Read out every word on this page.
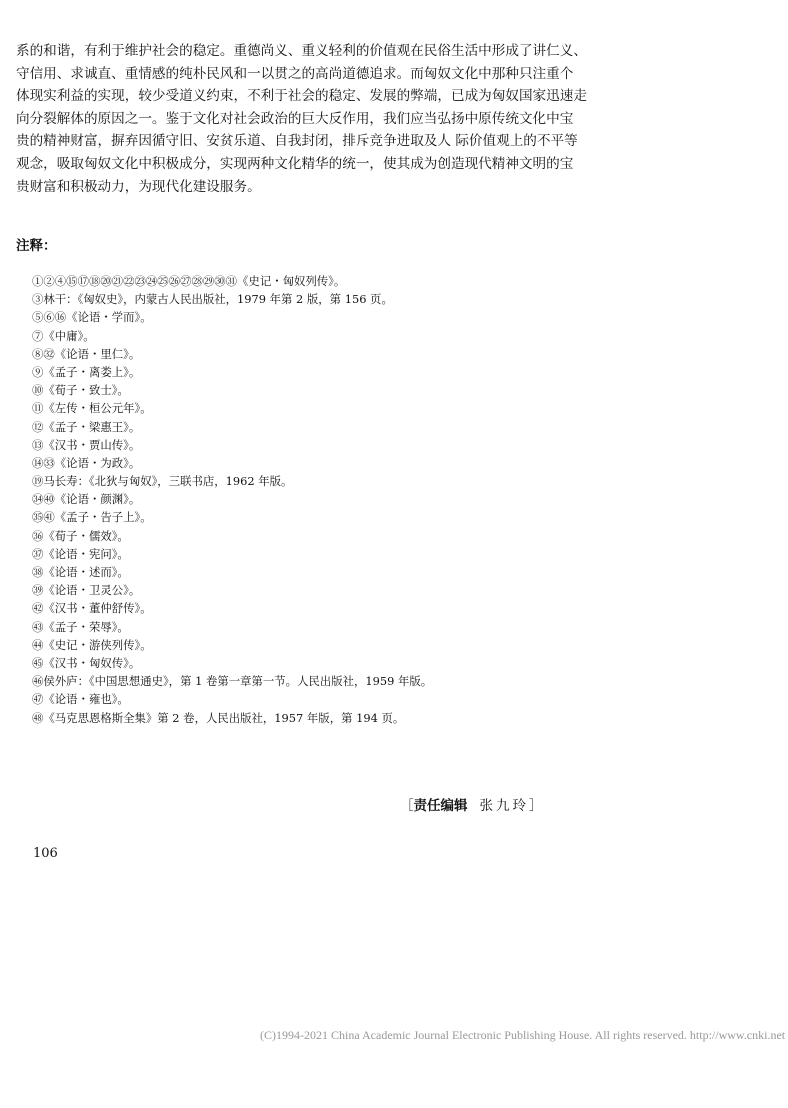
系的和谐，有利于维护社会的稳定。重德尚义、重义轻利的价值观在民俗生活中形成了讲仁义、
守信用、求诚直、重情感的纯朴民风和一以贯之的高尚道德追求。而匈奴文化中那种只注重个
体现实利益的实现，较少受道义约束，不利于社会的稳定、发展的弊端，已成为匈奴国家迅速走
向分裂解体的原因之一。鉴于文化对社会政治的巨大反作用，我们应当弘扬中原传统文化中宝
贵的精神财富，摒弃因循守旧、安贫乐道、自我封闭，排斥竞争进取及人 际价值观上的不平等
观念，吸取匈奴文化中积极成分，实现两种文化精华的统一，使其成为创造现代精神文明的宝
贵财富和积极动力，为现代化建设服务。

注释：

①②④⑮⑰⑱⑳㉑㉒㉓㉔㉕㉖㉗㉘㉙㉚㉛《史记・匈奴列传》。
③林干：《匈奴史》，内蒙古人民出版社，1979 年第 2 版，第 156 页。
⑤⑥⑯《论语・学而》。
⑦《中庸》。
⑧㉜《论语・里仁》。
⑨《孟子・离娄上》。
⑩《荀子・致士》。
⑪《左传・桓公元年》。
⑫《孟子・梁惠王》。
⑬《汉书・贾山传》。
⑭㉝《论语・为政》。
⑲马长寿：《北狄与匈奴》，三联书店，1962 年版。
㉞㊵《论语・颜渊》。
㉟㊶《孟子・告子上》。
㊱《荀子・儒效》。
㊲《论语・宪问》。
㊳《论语・述而》。
㊴《论语・卫灵公》。
㊷《汉书・董仲舒传》。
㊸《孟子・荣辱》。
㊹《史记・游侠列传》。
㊺《汉书・匈奴传》。
㊻侯外庐：《中国思想通史》，第 1 卷第一章第一节。人民出版社，1959 年版。
㊼《论语・雍也》。
㊽《马克思恩格斯全集》第 2 卷，人民出版社，1957 年版，第 194 页。

［责任编辑 张九玲］

106

(C)1994-2021 China Academic Journal Electronic Publishing House. All rights reserved. http://www.cnki.net
